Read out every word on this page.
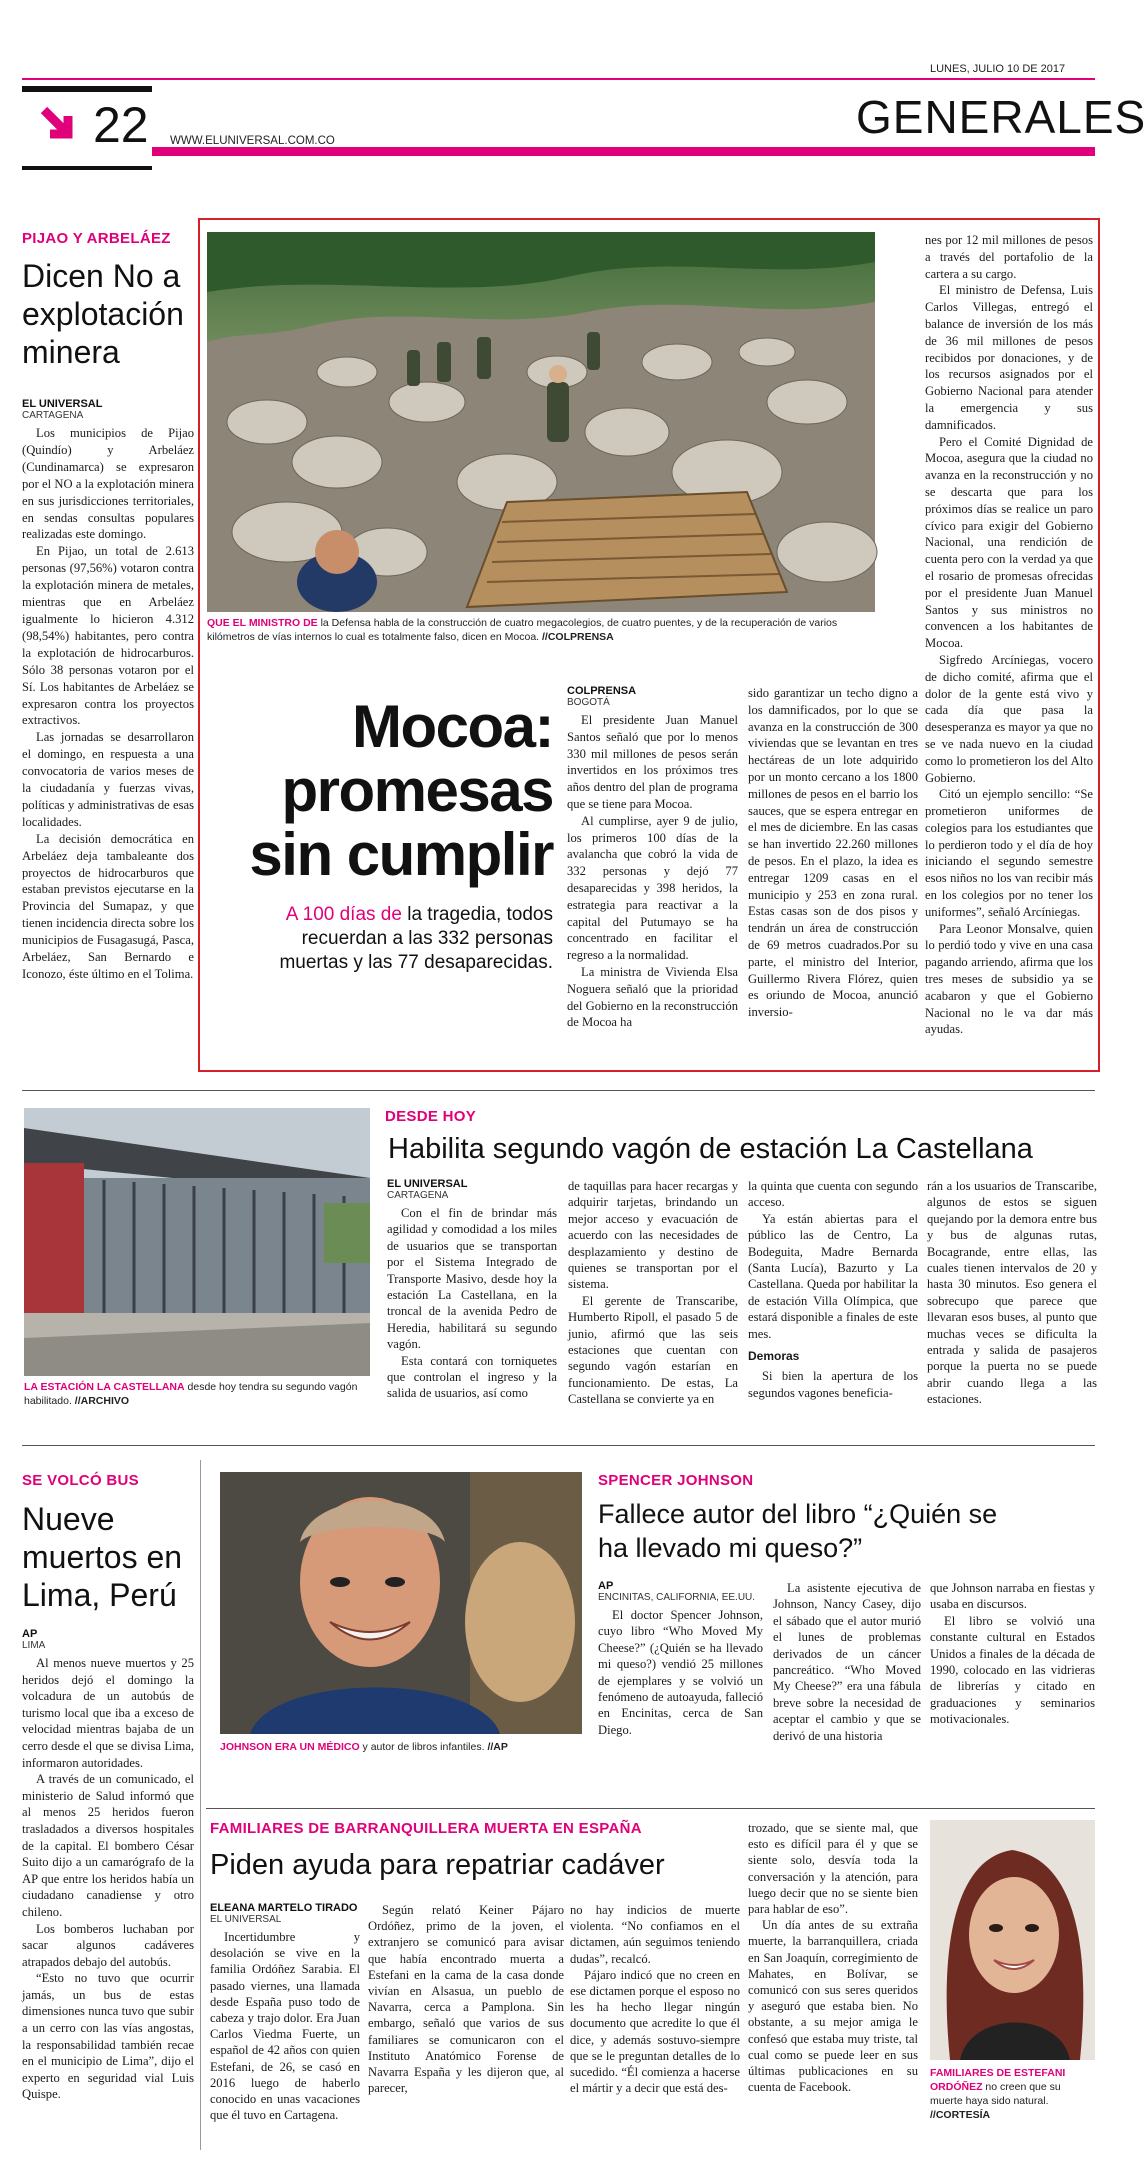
LUNES, JULIO 10 DE 2017
22 WWW.ELUNIVERSAL.COM.CO	GENERALES
PIJAO Y ARBELÁEZ
Dicen No a explotación minera
EL UNIVERSAL
CARTAGENA

Los municipios de Pijao (Quindío) y Arbeláez (Cundinamarca) se expresaron por el NO a la explotación minera en sus jurisdicciones territoriales, en sendas consultas populares realizadas este domingo.

En Pijao, un total de 2.613 personas (97,56%) votaron contra la explotación minera de metales, mientras que en Arbeláez igualmente lo hicieron 4.312 (98,54%) habitantes, pero contra la explotación de hidrocarburos. Sólo 38 personas votaron por el Sí. Los habitantes de Arbeláez se expresaron contra los proyectos extractivos.

Las jornadas se desarrollaron el domingo, en respuesta a una convocatoria de varios meses de la ciudadanía y fuerzas vivas, políticas y administrativas de esas localidades.

La decisión democrática en Arbeláez deja tambaleante dos proyectos de hidrocarburos que estaban previstos ejecutarse en la Provincia del Sumapaz, y que tienen incidencia directa sobre los municipios de Fusagasugá, Pasca, Arbeláez, San Bernardo e Iconozo, éste último en el Tolima.

QUE EL MINISTRO DE la Defensa habla de la construcción de cuatro megacolegios, de cuatro puentes, y de la recuperación de varios kilómetros de vías internos lo cual es totalmente falso, dicen en Mocoa. //COLPRENSA
Mocoa: promesas sin cumplir
A 100 días de la tragedia, todos recuerdan a las 332 personas muertas y las 77 desaparecidas.
COLPRENSA
BOGOTÁ

El presidente Juan Manuel Santos señaló que por lo menos 330 mil millones de pesos serán invertidos en los próximos tres años dentro del plan de programa que se tiene para Mocoa.

Al cumplirse, ayer 9 de julio, los primeros 100 días de la avalancha que cobró la vida de 332 personas y dejó 77 desaparecidas y 398 heridos, la estrategia para reactivar a la capital del Putumayo se ha concentrado en facilitar el regreso a la normalidad.

La ministra de Vivienda Elsa Noguera señaló que la prioridad del Gobierno en la reconstrucción de Mocoa ha

sido garantizar un techo digno a los damnificados, por lo que se avanza en la construcción de 300 viviendas que se levantan en tres hectáreas de un lote adquirido por un monto cercano a los 1800 millones de pesos en el barrio los sauces, que se espera entregar en el mes de diciembre. En las casas se han invertido 22.260 millones de pesos. En el plazo, la idea es entregar 1209 casas en el municipio y 253 en zona rural. Estas casas son de dos pisos y tendrán un área de construcción de 69 metros cuadrados.Por su parte, el ministro del Interior, Guillermo Rivera Flórez, quien es oriundo de Mocoa, anunció inversio-

nes por 12 mil millones de pesos a través del portafolio de la cartera a su cargo.

El ministro de Defensa, Luis Carlos Villegas, entregó el balance de inversión de los más de 36 mil millones de pesos recibidos por donaciones, y de los recursos asignados por el Gobierno Nacional para atender la emergencia y sus damnificados.

Pero el Comité Dignidad de Mocoa, asegura que la ciudad no avanza en la reconstrucción y no se descarta que para los próximos días se realice un paro cívico para exigir del Gobierno Nacional, una rendición de cuenta pero con la verdad ya que el rosario de promesas ofrecidas por el presidente Juan Manuel Santos y sus ministros no convencen a los habitantes de Mocoa.

Sigfredo Arcíniegas, vocero de dicho comité, afirma que el dolor de la gente está vivo y cada día que pasa la desesperanza es mayor ya que no se ve nada nuevo en la ciudad como lo prometieron los del Alto Gobierno.

Citó un ejemplo sencillo: “Se prometieron uniformes de colegios para los estudiantes que lo perdieron todo y el día de hoy iniciando el segundo semestre esos niños no los van recibir más en los colegios por no tener los uniformes”, señaló Arcíniegas.

Para Leonor Monsalve, quien lo perdió todo y vive en una casa pagando arriendo, afirma que los tres meses de subsidio ya se acabaron y que el Gobierno Nacional no le va dar más ayudas.

LA ESTACIÓN LA CASTELLANA desde hoy tendra su segundo vagón habilitado. //ARCHIVO
DESDE HOY
Habilita segundo vagón de estación La Castellana
EL UNIVERSAL
CARTAGENA

Con el fin de brindar más agilidad y comodidad a los miles de usuarios que se transportan por el Sistema Integrado de Transporte Masivo, desde hoy la estación La Castellana, en la troncal de la avenida Pedro de Heredia, habilitará su segundo vagón.

Esta contará con torniquetes que controlan el ingreso y la salida de usuarios, así como

de taquillas para hacer recargas y adquirir tarjetas, brindando un mejor acceso y evacuación de acuerdo con las necesidades de desplazamiento y destino de quienes se transportan por el sistema.

El gerente de Transcaribe, Humberto Ripoll, el pasado 5 de junio, afirmó que las seis estaciones que cuentan con segundo vagón estarían en funcionamiento. De estas, La Castellana se convierte ya en

la quinta que cuenta con segundo acceso.

Ya están abiertas para el público las de Centro, La Bodeguita, Madre Bernarda (Santa Lucía), Bazurto y La Castellana. Queda por habilitar la de estación Villa Olímpica, que estará disponible a finales de este mes.

Demoras

Si bien la apertura de los segundos vagones beneficia-

rán a los usuarios de Transcaribe, algunos de estos se siguen quejando por la demora entre bus y bus de algunas rutas, Bocagrande, entre ellas, las cuales tienen intervalos de 20 y hasta 30 minutos. Eso genera el sobrecupo que parece que llevaran esos buses, al punto que muchas veces se dificulta la entrada y salida de pasajeros porque la puerta no se puede abrir cuando llega a las estaciones.

SE VOLCÓ BUS
Nueve muertos en Lima, Perú
AP
LIMA

Al menos nueve muertos y 25 heridos dejó el domingo la volcadura de un autobús de turismo local que iba a exceso de velocidad mientras bajaba de un cerro desde el que se divisa Lima, informaron autoridades.

A través de un comunicado, el ministerio de Salud informó que al menos 25 heridos fueron trasladados a diversos hospitales de la capital. El bombero César Suito dijo a un camarógrafo de la AP que entre los heridos había un ciudadano canadiense y otro chileno.

Los bomberos luchaban por sacar algunos cadáveres atrapados debajo del autobús.

“Esto no tuvo que ocurrir jamás, un bus de estas dimensiones nunca tuvo que subir a un cerro con las vías angostas, la responsabilidad también recae en el municipio de Lima”, dijo el experto en seguridad vial Luis Quispe.

JOHNSON ERA UN MÉDICO y autor de libros infantiles. //AP
SPENCER JOHNSON
Fallece autor del libro “¿Quién se ha llevado mi queso?”
AP
ENCINITAS, CALIFORNIA, EE.UU.

El doctor Spencer Johnson, cuyo libro “Who Moved My Cheese?” (¿Quién se ha llevado mi queso?) vendió 25 millones de ejemplares y se volvió un fenómeno de autoayuda, falleció en Encinitas, cerca de San Diego.

La asistente ejecutiva de Johnson, Nancy Casey, dijo el sábado que el autor murió el lunes de problemas derivados de un cáncer pancreático. “Who Moved My Cheese?” era una fábula breve sobre la necesidad de aceptar el cambio y que se derivó de una historia

que Johnson narraba en fiestas y usaba en discursos.

El libro se volvió una constante cultural en Estados Unidos a finales de la década de 1990, colocado en las vidrieras de librerías y citado en graduaciones y seminarios motivacionales.

FAMILIARES DE BARRANQUILLERA MUERTA EN ESPAÑA
Piden ayuda para repatriar cadáver
ELEANA MARTELO TIRADO
EL UNIVERSAL

Incertidumbre y desolación se vive en la familia Ordóñez Sarabia. El pasado viernes, una llamada desde España puso todo de cabeza y trajo dolor. Era Juan Carlos Viedma Fuerte, un español de 42 años con quien Estefani, de 26, se casó en 2016 luego de haberlo conocido en unas vacaciones que él tuvo en Cartagena.

Según relató Keiner Pájaro Ordóñez, primo de la joven, el extranjero se comunicó para avisar que había encontrado muerta a Estefani en la cama de la casa donde vivían en Alsasua, un pueblo de Navarra, cerca a Pamplona. Sin embargo, señaló que varios de sus familiares se comunicaron con el Instituto Anatómico Forense de Navarra España y les dijeron que, al parecer,

no hay indicios de muerte violenta. “No confiamos en el dictamen, aún seguimos teniendo dudas”, recalcó.

Pájaro indicó que no creen en ese dictamen porque el esposo no les ha hecho llegar ningún documento que acredite lo que él dice, y además sostuvo-siempre que se le preguntan detalles de lo sucedido. “Él comienza a hacerse el mártir y a decir que está des-

trozado, que se siente mal, que esto es difícil para él y que se siente solo, desvía toda la conversación y la atención, para luego decir que no se siente bien para hablar de eso”.

Un día antes de su extraña muerte, la barranquillera, criada en San Joaquín, corregimiento de Mahates, en Bolívar, se comunicó con sus seres queridos y aseguró que estaba bien. No obstante, a su mejor amiga le confesó que estaba muy triste, tal cual como se puede leer en sus últimas publicaciones en su cuenta de Facebook.

FAMILIARES DE ESTEFANI ORDÓÑEZ no creen que su muerte haya sido natural. //CORTESÍA
